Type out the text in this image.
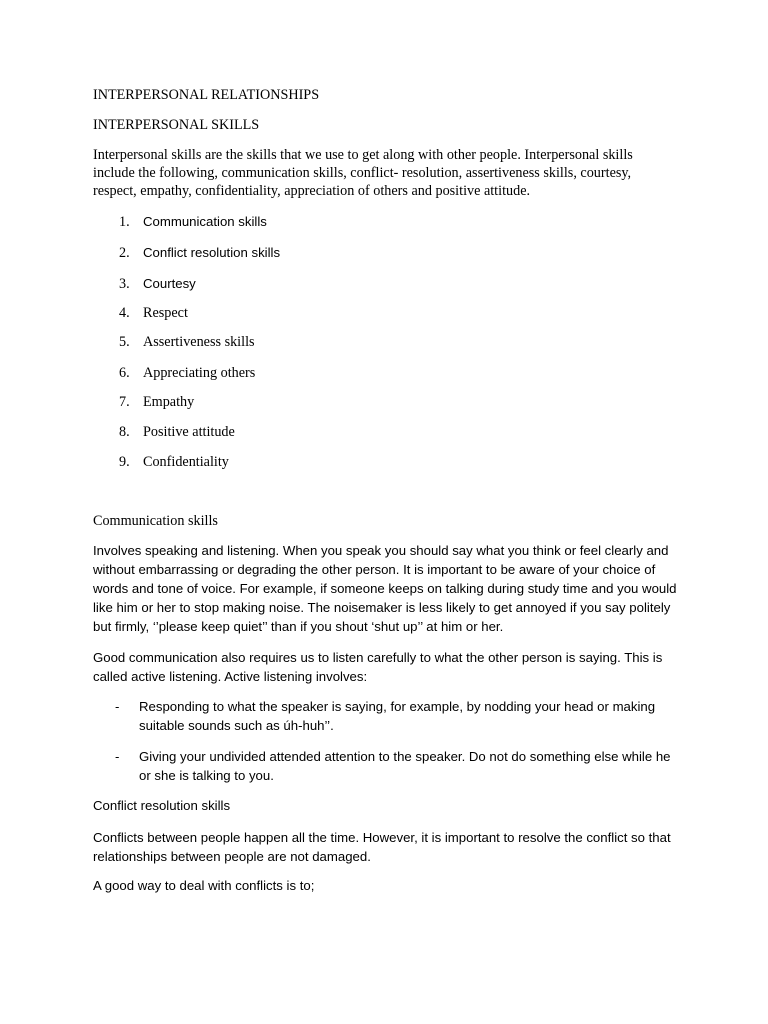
INTERPERSONAL RELATIONSHIPS

INTERPERSONAL SKILLS

Interpersonal skills are the skills that we use to get along with other people. Interpersonal skills include the following, communication skills, conflict- resolution, assertiveness skills, courtesy, respect, empathy, confidentiality, appreciation of others and positive attitude.

1. Communication skills
2. Conflict resolution skills
3. Courtesy
4. Respect
5. Assertiveness skills
6. Appreciating others
7. Empathy
8. Positive attitude
9. Confidentiality

Communication skills

Involves speaking and listening. When you speak you should say what you think or feel clearly and without embarrassing or degrading the other person. It is important to be aware of your choice of words and tone of voice. For example, if someone keeps on talking during study time and you would like him or her to stop making noise. The noisemaker is less likely to get annoyed if you say politely but firmly, ‘’please keep quiet’’ than if you shout ‘shut up’’ at him or her.

Good communication also requires us to listen carefully to what the other person is saying. This is called active listening. Active listening involves:

- Responding to what the speaker is saying, for example, by nodding your head or making suitable sounds such as úh-huh’’.
- Giving your undivided attended attention to the speaker. Do not do something else while he or she is talking to you.

Conflict resolution skills

Conflicts between people happen all the time. However, it is important to resolve the conflict so that relationships between people are not damaged.

A good way to deal with conflicts is to;
